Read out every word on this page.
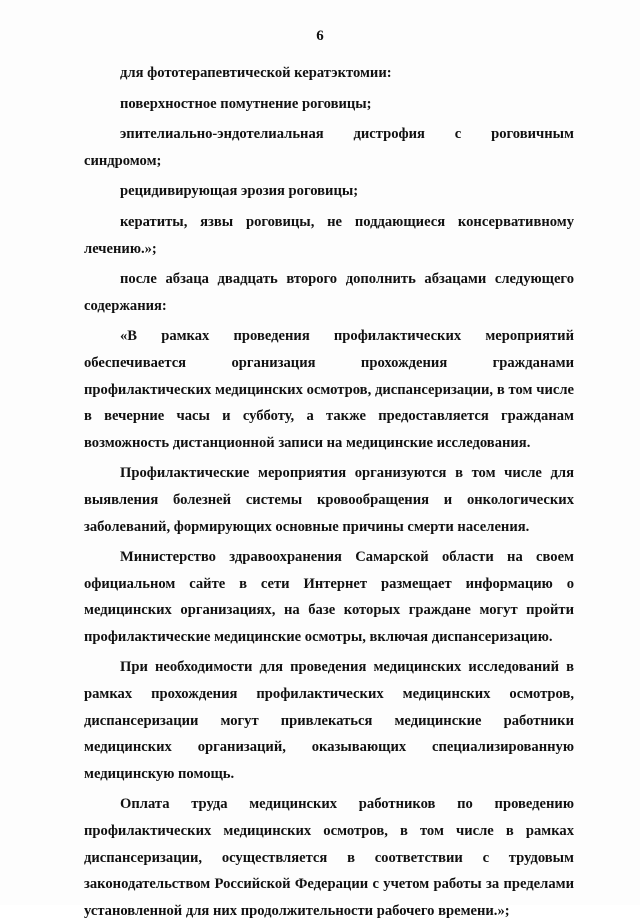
6

для фототерапевтической кератэктомии:

поверхностное помутнение роговицы;

эпителиально-эндотелиальная дистрофия с роговичным синдромом;

рецидивирующая эрозия роговицы;

кератиты, язвы роговицы, не поддающиеся консервативному лечению.»;

после абзаца двадцать второго дополнить абзацами следующего содержания:

«В рамках проведения профилактических мероприятий обеспечивается организация прохождения гражданами профилактических медицинских осмотров, диспансеризации, в том числе в вечерние часы и субботу, а также предоставляется гражданам возможность дистанционной записи на медицинские исследования.

Профилактические мероприятия организуются в том числе для выявления болезней системы кровообращения и онкологических заболеваний, формирующих основные причины смерти населения.

Министерство здравоохранения Самарской области на своем официальном сайте в сети Интернет размещает информацию о медицинских организациях, на базе которых граждане могут пройти профилактические медицинские осмотры, включая диспансеризацию.

При необходимости для проведения медицинских исследований в рамках прохождения профилактических медицинских осмотров, диспансеризации могут привлекаться медицинские работники медицинских организаций, оказывающих специализированную медицинскую помощь.

Оплата труда медицинских работников по проведению профилактических медицинских осмотров, в том числе в рамках диспансеризации, осуществляется в соответствии с трудовым законодательством Российской Федерации с учетом работы за пределами установленной для них продолжительности рабочего времени.»;
